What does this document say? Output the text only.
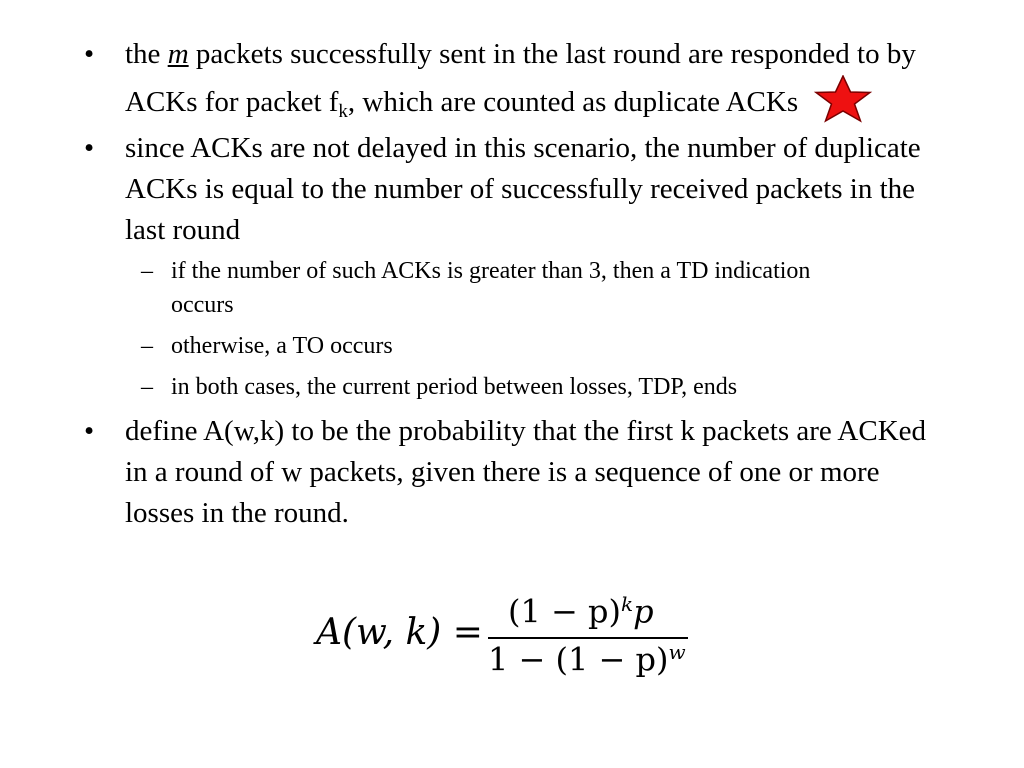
• the m packets successfully sent in the last round are responded to by ACKs for packet $f_k$, which are counted as duplicate ACKs
• since ACKs are not delayed in this scenario, the number of duplicate ACKs is equal to the number of successfully received packets in the last round
– if the number of such ACKs is greater than 3, then a TD indication occurs
– otherwise, a TO occurs
– in both cases, the current period between losses, TDP, ends
• define A(w,k) to be the probability that the first k packets are ACKed in a round of w packets, given there is a sequence of one or more losses in the round.
A(w, k) =
$(1 - p)^kp$
$1 - (1 - p)^w$
